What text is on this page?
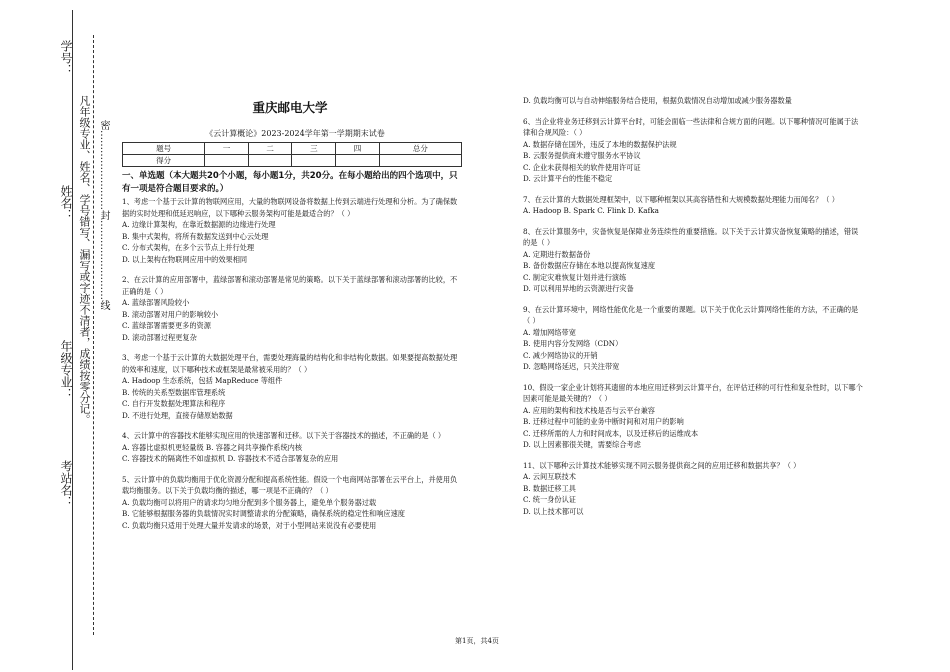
学号：
姓名：
年级专业：
考站名：
凡年级专业、姓名、学号错写、漏写或字迹不清者，成绩按零分记。 密……………………封……………………线
重庆邮电大学
《云计算概论》2023-2024学年第一学期期末试卷
题号	一	二	三	四	总分
得分					
一、单选题（本大题共20个小题，每小题1分，共20分。在每小题给出的四个选项中，只有一项是符合题目要求的。）
1、考虑一个基于云计算的物联网应用，大量的物联网设备将数据上传到云端进行处理和分析。为了确保数据的实时处理和低延迟响应，以下哪种云服务架构可能是最适合的？（ ）
A. 边缘计算架构，在靠近数据源的边缘进行处理
B. 集中式架构，将所有数据发送到中心云处理
C. 分布式架构，在多个云节点上并行处理
D. 以上架构在物联网应用中的效果相同
2、在云计算的应用部署中，蓝绿部署和滚动部署是常见的策略。以下关于蓝绿部署和滚动部署的比较，不正确的是（ ）
A. 蓝绿部署风险较小
B. 滚动部署对用户的影响较小
C. 蓝绿部署需要更多的资源
D. 滚动部署过程更复杂
3、考虑一个基于云计算的大数据处理平台，需要处理海量的结构化和非结构化数据。如果要提高数据处理的效率和速度，以下哪种技术或框架是最常被采用的？（ ）
A. Hadoop 生态系统，包括 MapReduce 等组件
B. 传统的关系型数据库管理系统
C. 自行开发数据处理算法和程序
D. 不进行处理，直接存储原始数据
4、云计算中的容器技术能够实现应用的快速部署和迁移。以下关于容器技术的描述，不正确的是（ ）
A. 容器比虚拟机更轻量级 B. 容器之间共享操作系统内核
C. 容器技术的隔离性不如虚拟机 D. 容器技术不适合部署复杂的应用
5、云计算中的负载均衡用于优化资源分配和提高系统性能。假设一个电商网站部署在云平台上，并使用负载均衡服务。以下关于负载均衡的描述，哪一项是不正确的？（ ）
A. 负载均衡可以将用户的请求均匀地分配到多个服务器上，避免单个服务器过载
B. 它能够根据服务器的负载情况实时调整请求的分配策略，确保系统的稳定性和响应速度
C. 负载均衡只适用于处理大量并发请求的场景，对于小型网站来说没有必要使用
D. 负载均衡可以与自动伸缩服务结合使用，根据负载情况自动增加或减少服务器数量
6、当企业将业务迁移到云计算平台时，可能会面临一些法律和合规方面的问题。以下哪种情况可能属于法律和合规风险：（ ）
A. 数据存储在国外，违反了本地的数据保护法规
B. 云服务提供商未遵守服务水平协议
C. 企业未获得相关的软件使用许可证
D. 云计算平台的性能不稳定
7、在云计算的大数据处理框架中，以下哪种框架以其高容错性和大规模数据处理能力而闻名？（ ）
A. Hadoop B. Spark C. Flink D. Kafka
8、在云计算服务中，灾备恢复是保障业务连续性的重要措施。以下关于云计算灾备恢复策略的描述，错误的是（ ）
A. 定期进行数据备份
B. 备份数据应存储在本地以提高恢复速度
C. 制定灾难恢复计划并进行演练
D. 可以利用异地的云资源进行灾备
9、在云计算环境中，网络性能优化是一个重要的课题。以下关于优化云计算网络性能的方法，不正确的是（ ）
A. 增加网络带宽
B. 使用内容分发网络（CDN）
C. 减少网络协议的开销
D. 忽略网络延迟，只关注带宽
10、假设一家企业计划将其遗留的本地应用迁移到云计算平台，在评估迁移的可行性和复杂性时，以下哪个因素可能是最关键的？（ ）
A. 应用的架构和技术栈是否与云平台兼容
B. 迁移过程中可能的业务中断时间和对用户的影响
C. 迁移所需的人力和时间成本，以及迁移后的运维成本
D. 以上因素都很关键，需要综合考虑
11、以下哪种云计算技术能够实现不同云服务提供商之间的应用迁移和数据共享？（ ）
A. 云间互联技术
B. 数据迁移工具
C. 统一身份认证
D. 以上技术都可以
第1页，共4页
